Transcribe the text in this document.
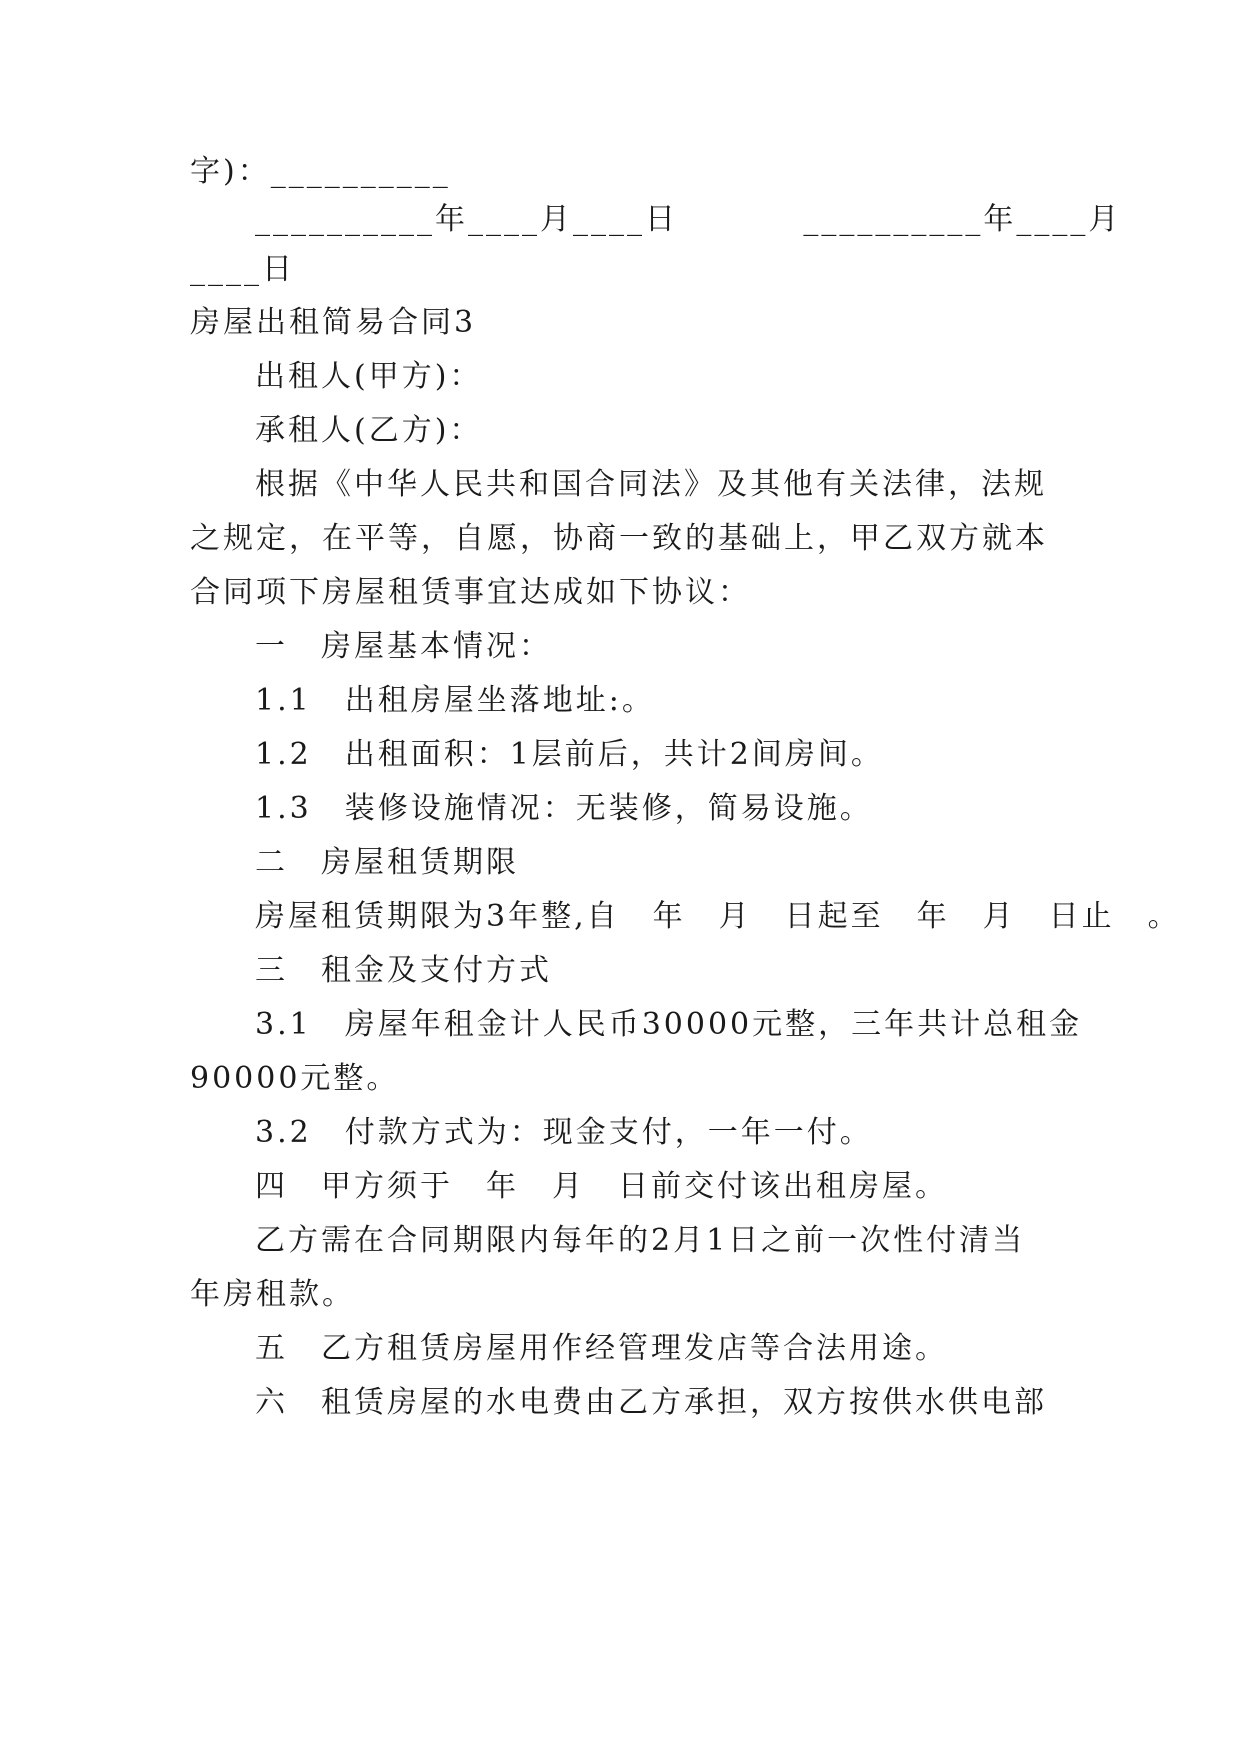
字)：__________
__________年____月____日          __________年____月
____日
房屋出租简易合同3
出租人(甲方)：
承租人(乙方)：
根据《中华人民共和国合同法》及其他有关法律，法规
之规定，在平等，自愿，协商一致的基础上，甲乙双方就本
合同项下房屋租赁事宜达成如下协议：
一　房屋基本情况：
1.1　出租房屋坐落地址:。
1.2　出租面积：1层前后，共计2间房间。
1.3　装修设施情况：无装修，简易设施。
二　房屋租赁期限
房屋租赁期限为3年整,自　年　月　日起至　年　月　日止　。
三　租金及支付方式
3.1　房屋年租金计人民币30000元整，三年共计总租金
90000元整。
3.2　付款方式为：现金支付，一年一付。
四　甲方须于　年　月　日前交付该出租房屋。
乙方需在合同期限内每年的2月1日之前一次性付清当
年房租款。
五　乙方租赁房屋用作经管理发店等合法用途。
六　租赁房屋的水电费由乙方承担，双方按供水供电部
